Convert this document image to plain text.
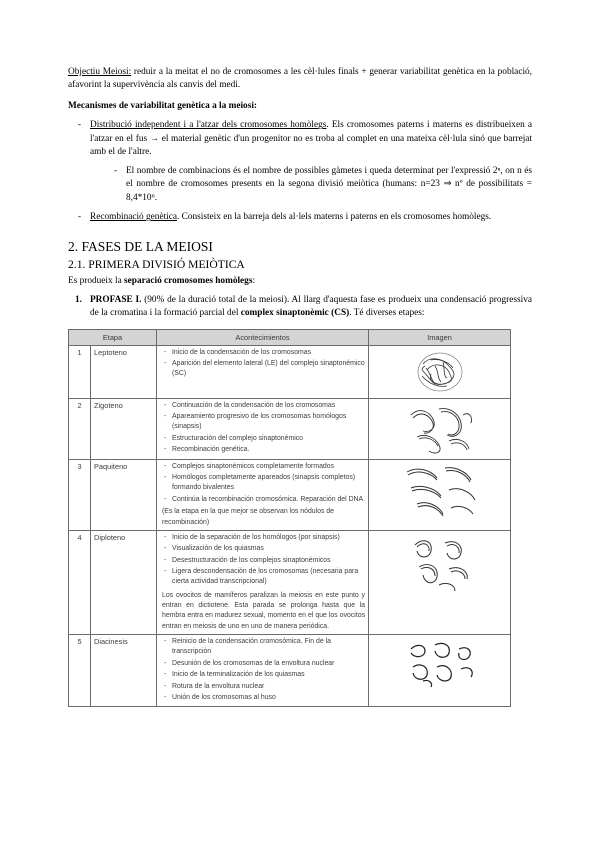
Objectiu Meiosi: reduir a la meitat el no de cromosomes a les cèl·lules finals + generar variabilitat genètica en la població, afavorint la supervivència als canvis del medi.

Mecanismes de variabilitat genètica a la meiosi:

- Distribució independent i a l'atzar dels cromosomes homòlegs. Els cromosomes paterns i materns es distribueixen a l'atzar en el fus → el material genètic d'un progenitor no es troba al complet en una mateixa cèl·lula sinó que barrejat amb el de l'altre.
- El nombre de combinacions és el nombre de possibles gàmetes i queda determinat per l'expressió 2ⁿ, on n és el nombre de cromosomes presents en la segona divisió meiòtica (humans: n=23 ⇒ nº de possibilitats = 8,4*10⁶.
- Recombinació genètica. Consisteix en la barreja dels al·lels materns i paterns en els cromosomes homòlegs.
2. FASES DE LA MEIOSI
2.1. PRIMERA DIVISIÓ MEIÒTICA

Es produeix la separació cromosomes homòlegs:

PROFASE I. (90% de la duració total de la meiosi). Al llarg d'aquesta fase es produeix una condensació progressiva de la cromatina i la formació parcial del complex sinaptonèmic (CS). Té diverses etapes:
Etapa		Acontecimientos	Imagen
1	Leptoteno	
-Inicio de la condensación de los cromosomas
- Aparición del elemento lateral (LE) del complejo sinaptonémico (SC)

2	Zigoteno	
-Continuación de la condensación de los cromosomas
- Apareamiento progresivo de los cromosomas homólogos (sinapsis)
- Estructuración del complejo sinaptonémico
- Recombinación genética.

3	Paquiteno	
-Complejos sinaptonémicos completamente formados
- Homólogos completamente apareados (sinapsis completos) formando bivalentes
- Continúa la recombinación cromosómica. Reparación del DNA
(Es la etapa en la que mejor se observan los nódulos de recombinación)

4	Diploteno	
-Inicio de la separación de los homólogos (por sinapsis)
- Visualización de los quiasmas
- Desestructuración de los complejos sinaptonémicos
- Ligera descondensación de los cromosomas (necesaria para cierta actividad transcripcional)
Los ovocitos de mamíferos paralizan la meiosis en este punto y entran en dictiotene. Esta parada se prolonga hasta que la hembra entra en madurez sexual, momento en el que los ovocitos entran en meiosis de uno en uno de manera periódica.

5	Diacinesis	
-Reinicio de la condensación cromosómica. Fin de la transcripción
- Desunión de los cromosomas de la envoltura nuclear
- Inicio de la terminalización de los quiasmas
- Rotura de la envoltura nuclear
- Unión de los cromosomas al huso
